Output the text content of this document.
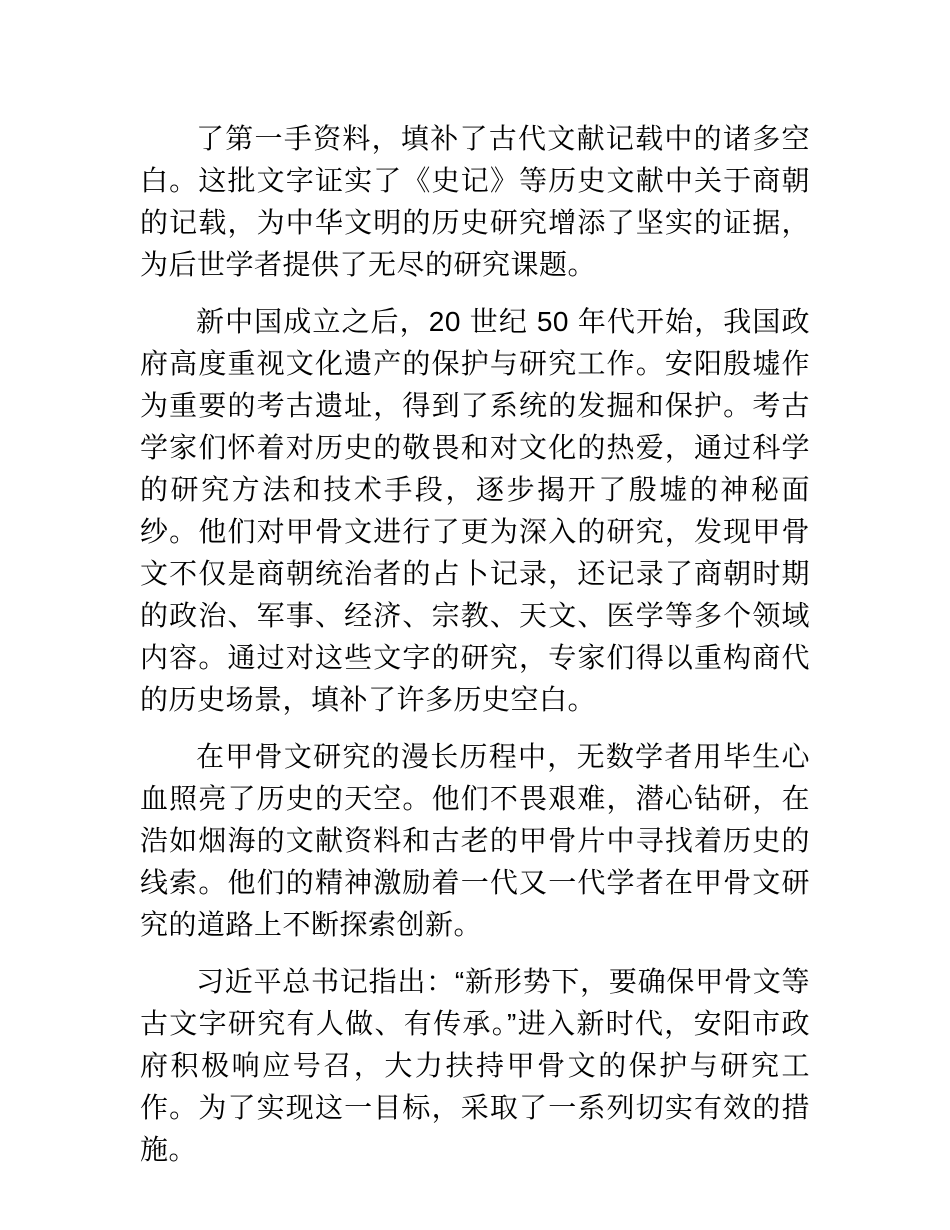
了第一手资料，填补了古代文献记载中的诸多空白。这批文字证实了《史记》等历史文献中关于商朝的记载，为中华文明的历史研究增添了坚实的证据，为后世学者提供了无尽的研究课题。

新中国成立之后，20 世纪 50 年代开始，我国政府高度重视文化遗产的保护与研究工作。安阳殷墟作为重要的考古遗址，得到了系统的发掘和保护。考古学家们怀着对历史的敬畏和对文化的热爱，通过科学的研究方法和技术手段，逐步揭开了殷墟的神秘面纱。他们对甲骨文进行了更为深入的研究，发现甲骨文不仅是商朝统治者的占卜记录，还记录了商朝时期的政治、军事、经济、宗教、天文、医学等多个领域内容。通过对这些文字的研究，专家们得以重构商代的历史场景，填补了许多历史空白。

在甲骨文研究的漫长历程中，无数学者用毕生心血照亮了历史的天空。他们不畏艰难，潜心钻研，在浩如烟海的文献资料和古老的甲骨片中寻找着历史的线索。他们的精神激励着一代又一代学者在甲骨文研究的道路上不断探索创新。

习近平总书记指出：“新形势下，要确保甲骨文等古文字研究有人做、有传承。”进入新时代，安阳市政府积极响应号召，大力扶持甲骨文的保护与研究工作。为了实现这一目标，采取了一系列切实有效的措施。
